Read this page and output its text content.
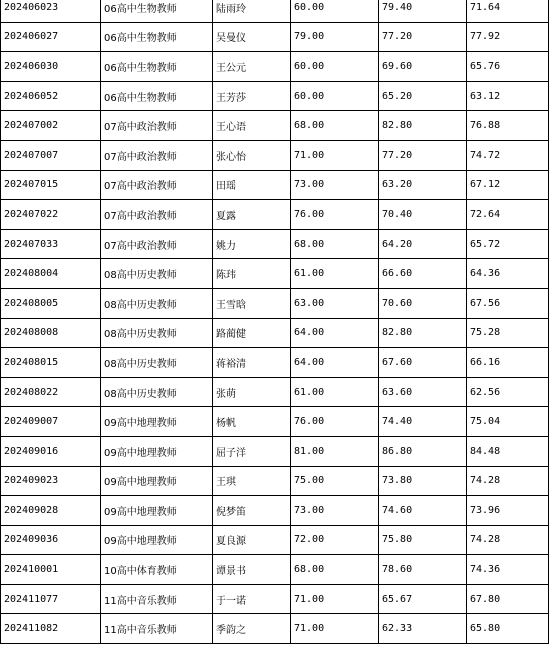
202406023	06高中生物教师	陆雨玲	60.00	79.40	71.64
202406027	06高中生物教师	吴曼仪	79.00	77.20	77.92
202406030	06高中生物教师	王公元	60.00	69.60	65.76
202406052	06高中生物教师	王芳莎	60.00	65.20	63.12
202407002	07高中政治教师	王心语	68.00	82.80	76.88
202407007	07高中政治教师	张心怡	71.00	77.20	74.72
202407015	07高中政治教师	田瑶	73.00	63.20	67.12
202407022	07高中政治教师	夏露	76.00	70.40	72.64
202407033	07高中政治教师	姚力	68.00	64.20	65.72
202408004	08高中历史教师	陈玮	61.00	66.60	64.36
202408005	08高中历史教师	王雪晗	63.00	70.60	67.56
202408008	08高中历史教师	路蔺健	64.00	82.80	75.28
202408015	08高中历史教师	蒋裕清	64.00	67.60	66.16
202408022	08高中历史教师	张萌	61.00	63.60	62.56
202409007	09高中地理教师	杨帆	76.00	74.40	75.04
202409016	09高中地理教师	屈子洋	81.00	86.80	84.48
202409023	09高中地理教师	王琪	75.00	73.80	74.28
202409028	09高中地理教师	倪梦笛	73.00	74.60	73.96
202409036	09高中地理教师	夏良源	72.00	75.80	74.28
202410001	10高中体育教师	谭景书	68.00	78.60	74.36
202411077	11高中音乐教师	于一诺	71.00	65.67	67.80
202411082	11高中音乐教师	季韵之	71.00	62.33	65.80
